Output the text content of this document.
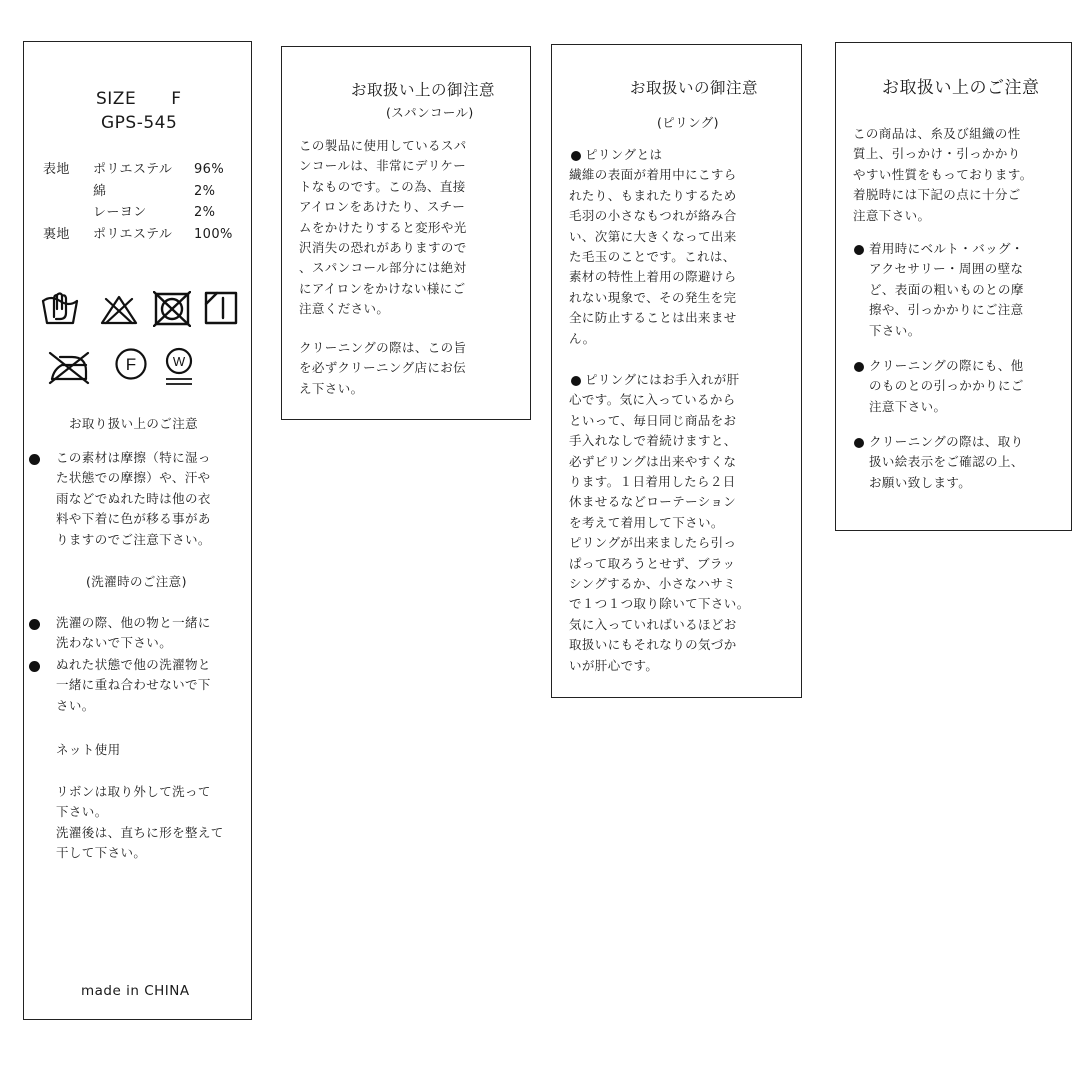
SIZE　　F
GPS-545
表地	ポリエステル	96%
綿	2%
レーヨン	2%
裏地	ポリエステル	100%
F	W
お取り扱い上のご注意
この素材は摩擦（特に湿っ
た状態での摩擦）や、汗や
雨などでぬれた時は他の衣
料や下着に色が移る事があ
りますのでご注意下さい。
(洗濯時のご注意)
洗濯の際、他の物と一緒に
洗わないで下さい。
ぬれた状態で他の洗濯物と
一緒に重ね合わせないで下
さい。
ネット使用
リボンは取り外して洗って
下さい。
洗濯後は、直ちに形を整えて
干して下さい。
made in CHINA
お取扱い上の御注意
(スパンコール)
この製品に使用しているスパ
ンコールは、非常にデリケー
トなものです。この為、直接
アイロンをあけたり、スチー
ムをかけたりすると変形や光
沢消失の恐れがありますので
、スパンコール部分には絶対
にアイロンをかけない様にご
注意ください。
クリーニングの際は、この旨
を必ずクリーニング店にお伝
え下さい。
お取扱いの御注意
(ピリング)
ピリングとは
繊維の表面が着用中にこすら
れたり、もまれたりするため
毛羽の小さなもつれが絡み合
い、次第に大きくなって出来
た毛玉のことです。これは、
素材の特性上着用の際避けら
れない現象で、その発生を完
全に防止することは出来ませ
ん。
ピリングにはお手入れが肝
心です。気に入っているから
といって、毎日同じ商品をお
手入れなしで着続けますと、
必ずピリングは出来やすくな
ります。１日着用したら２日
休ませるなどローテーション
を考えて着用して下さい。
ピリングが出来ましたら引っ
ぱって取ろうとせず、ブラッ
シングするか、小さなハサミ
で１つ１つ取り除いて下さい。
気に入っていればいるほどお
取扱いにもそれなりの気づか
いが肝心です。
お取扱い上のご注意
この商品は、糸及び組織の性
質上、引っかけ・引っかかり
やすい性質をもっております。
着脱時には下記の点に十分ご
注意下さい。
着用時にベルト・バッグ・
アクセサリー・周囲の壁な
ど、表面の粗いものとの摩
擦や、引っかかりにご注意
下さい。
クリーニングの際にも、他
のものとの引っかかりにご
注意下さい。
クリーニングの際は、取り
扱い絵表示をご確認の上、
お願い致します。
